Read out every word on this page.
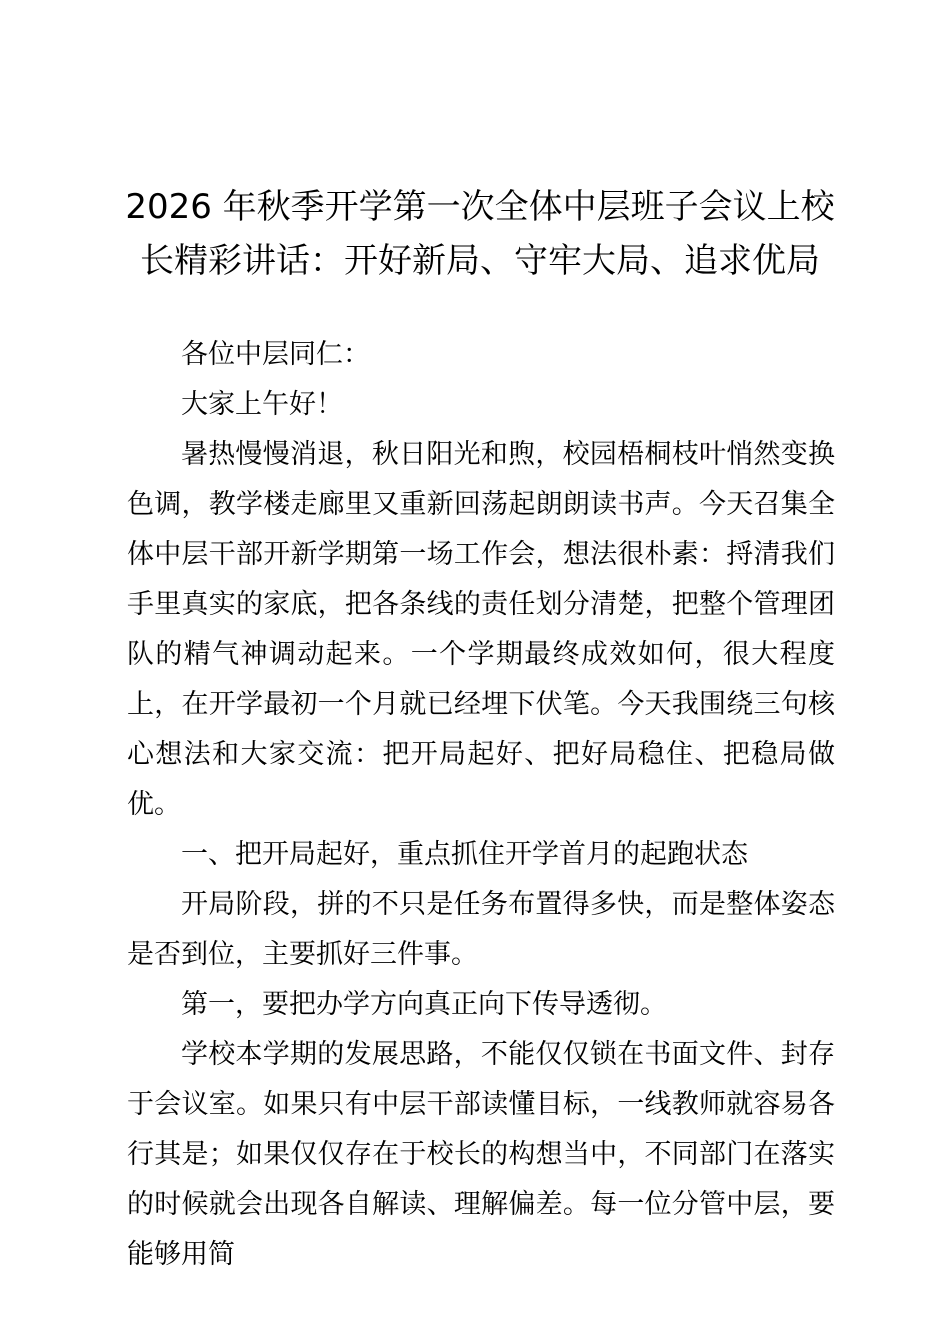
2026 年秋季开学第一次全体中层班子会议上校长精彩讲话：开好新局、守牢大局、追求优局

各位中层同仁：

大家上午好！

暑热慢慢消退，秋日阳光和煦，校园梧桐枝叶悄然变换色调，教学楼走廊里又重新回荡起朗朗读书声。今天召集全体中层干部开新学期第一场工作会，想法很朴素：捋清我们手里真实的家底，把各条线的责任划分清楚，把整个管理团队的精气神调动起来。一个学期最终成效如何，很大程度上，在开学最初一个月就已经埋下伏笔。今天我围绕三句核心想法和大家交流：把开局起好、把好局稳住、把稳局做优。

一、把开局起好，重点抓住开学首月的起跑状态

开局阶段，拼的不只是任务布置得多快，而是整体姿态是否到位，主要抓好三件事。

第一，要把办学方向真正向下传导透彻。

学校本学期的发展思路，不能仅仅锁在书面文件、封存于会议室。如果只有中层干部读懂目标，一线教师就容易各行其是；如果仅仅存在于校长的构想当中，不同部门在落实的时候就会出现各自解读、理解偏差。每一位分管中层，要能够用简
